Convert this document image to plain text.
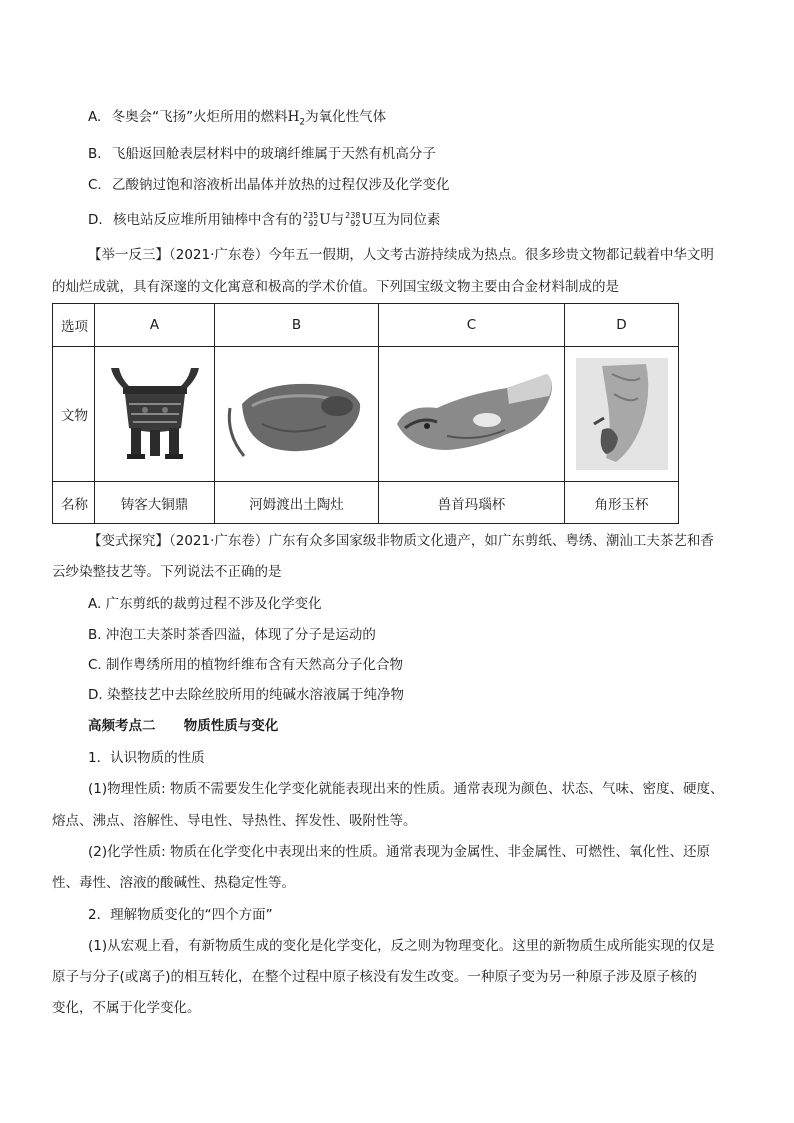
A. 冬奥会“飞扬”火炬所用的燃料$H_2$为氧化性气体
B. 飞船返回舱表层材料中的玻璃纤维属于天然有机高分子
C. 乙酸钠过饱和溶液析出晶体并放热的过程仅涉及化学变化
D. 核电站反应堆所用铀棒中含有的 235
92 U与 238
92 U互为同位素
【举一反三】（2021·广东卷）今年五一假期，人文考古游持续成为热点。很多珍贵文物都记载着中华文明
的灿烂成就，具有深邃的文化寓意和极高的学术价值。下列国宝级文物主要由合金材料制成的是
选项	A	B	C	D
文物	

名称	铸客大铜鼎	河姆渡出土陶灶	兽首玛瑙杯	角形玉杯
【变式探究】（2021·广东卷）广东有众多国家级非物质文化遗产，如广东剪纸、粤绣、潮汕工夫茶艺和香
云纱染整技艺等。下列说法不正确的是
A. 广东剪纸的裁剪过程不涉及化学变化
B. 冲泡工夫茶时茶香四溢，体现了分子是运动的
C. 制作粤绣所用的植物纤维布含有天然高分子化合物
D. 染整技艺中去除丝胶所用的纯碱水溶液属于纯净物
高频考点二      物质性质与变化
1．认识物质的性质
(1)物理性质: 物质不需要发生化学变化就能表现出来的性质。通常表现为颜色、状态、气味、密度、硬度、
熔点、沸点、溶解性、导电性、导热性、挥发性、吸附性等。
(2)化学性质: 物质在化学变化中表现出来的性质。通常表现为金属性、非金属性、可燃性、氧化性、还原
性、毒性、溶液的酸碱性、热稳定性等。
2．理解物质变化的“四个方面”
(1)从宏观上看，有新物质生成的变化是化学变化，反之则为物理变化。这里的新物质生成所能实现的仅是
原子与分子(或离子)的相互转化，在整个过程中原子核没有发生改变。一种原子变为另一种原子涉及原子核的
变化，不属于化学变化。
